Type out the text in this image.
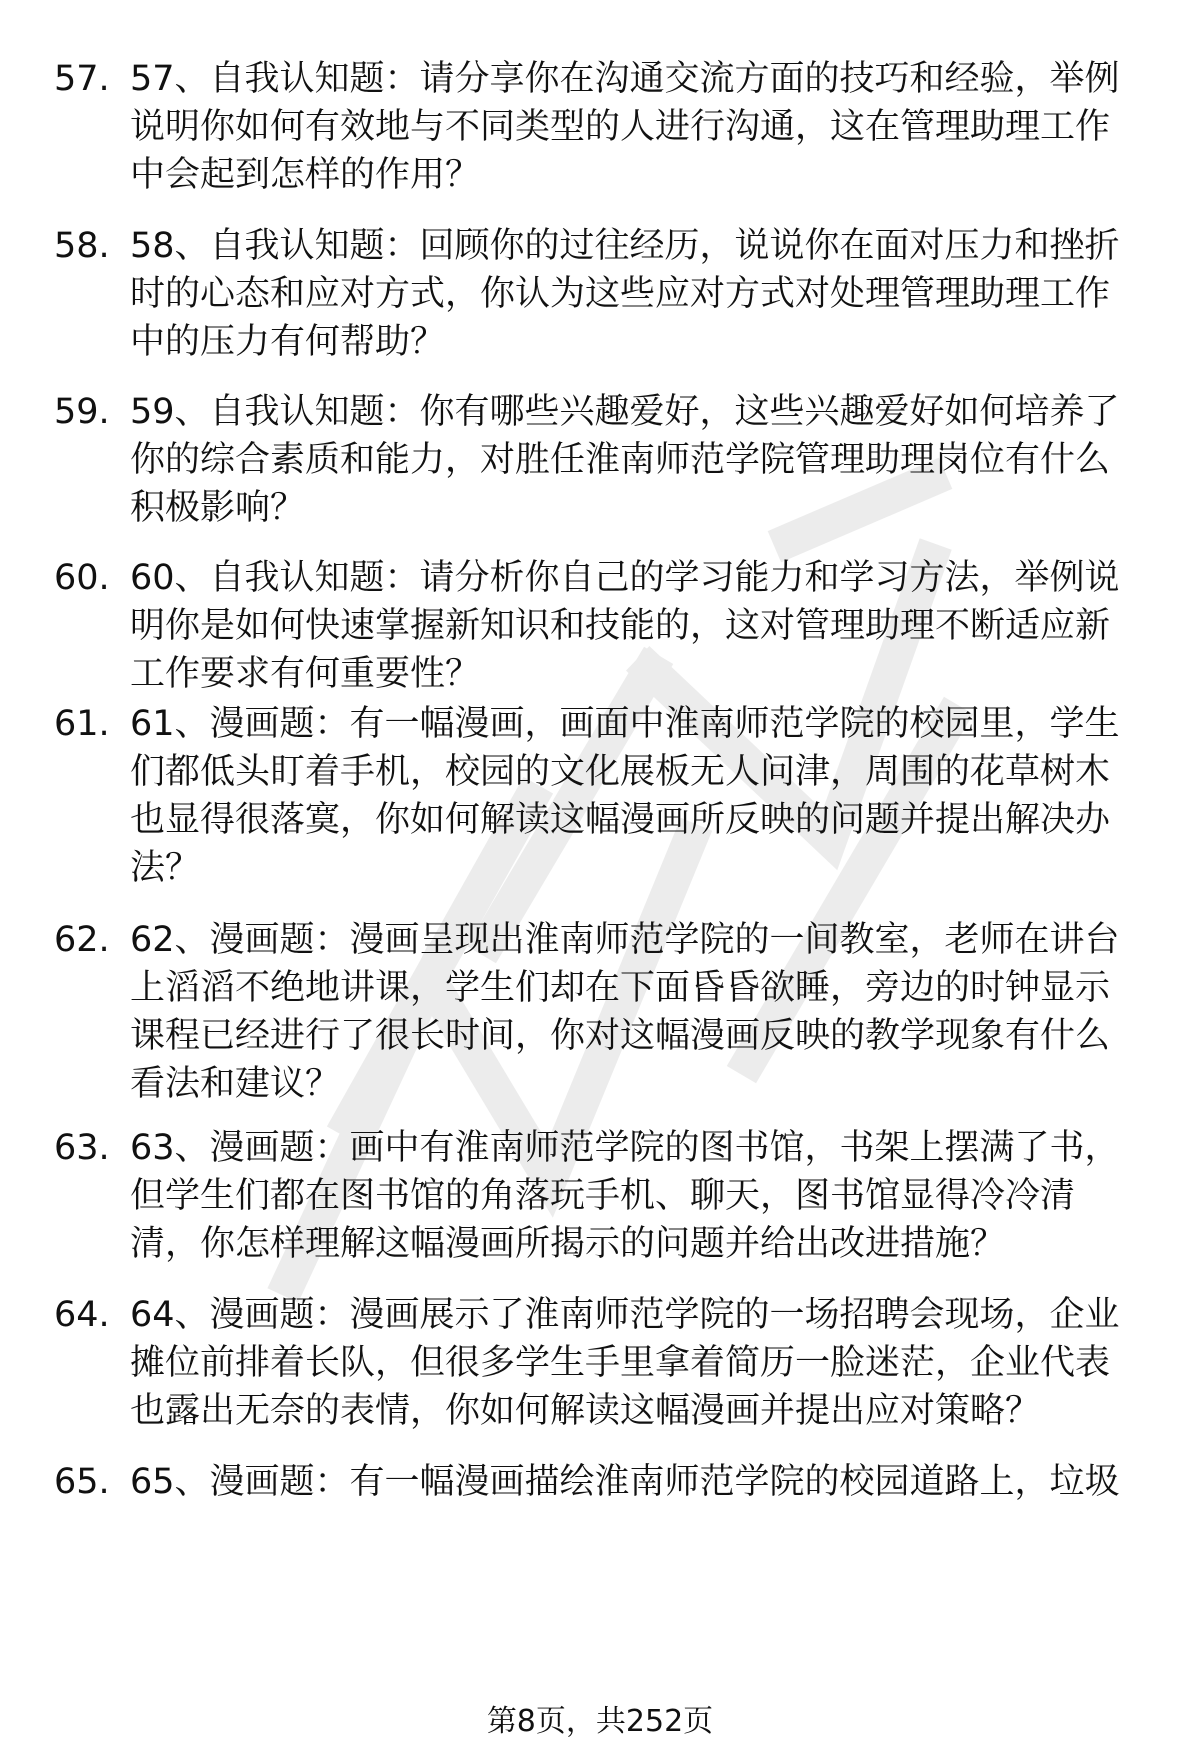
57. 57、自我认知题：请分享你在沟通交流方面的技巧和经验，举例
说明你如何有效地与不同类型的人进行沟通，这在管理助理工作
中会起到怎样的作用？
58. 58、自我认知题：回顾你的过往经历，说说你在面对压力和挫折
时的心态和应对方式，你认为这些应对方式对处理管理助理工作
中的压力有何帮助？
59. 59、自我认知题：你有哪些兴趣爱好，这些兴趣爱好如何培养了
你的综合素质和能力，对胜任淮南师范学院管理助理岗位有什么
积极影响？
60. 60、自我认知题：请分析你自己的学习能力和学习方法，举例说
明你是如何快速掌握新知识和技能的，这对管理助理不断适应新
工作要求有何重要性？
61. 61、漫画题：有一幅漫画，画面中淮南师范学院的校园里，学生
们都低头盯着手机，校园的文化展板无人问津，周围的花草树木
也显得很落寞，你如何解读这幅漫画所反映的问题并提出解决办
法？
62. 62、漫画题：漫画呈现出淮南师范学院的一间教室，老师在讲台
上滔滔不绝地讲课，学生们却在下面昏昏欲睡，旁边的时钟显示
课程已经进行了很长时间，你对这幅漫画反映的教学现象有什么
看法和建议？
63. 63、漫画题：画中有淮南师范学院的图书馆，书架上摆满了书，
但学生们都在图书馆的角落玩手机、聊天，图书馆显得冷冷清
清，你怎样理解这幅漫画所揭示的问题并给出改进措施？
64. 64、漫画题：漫画展示了淮南师范学院的一场招聘会现场，企业
摊位前排着长队，但很多学生手里拿着简历一脸迷茫，企业代表
也露出无奈的表情，你如何解读这幅漫画并提出应对策略？
65. 65、漫画题：有一幅漫画描绘淮南师范学院的校园道路上，垃圾
第8页，共252页
